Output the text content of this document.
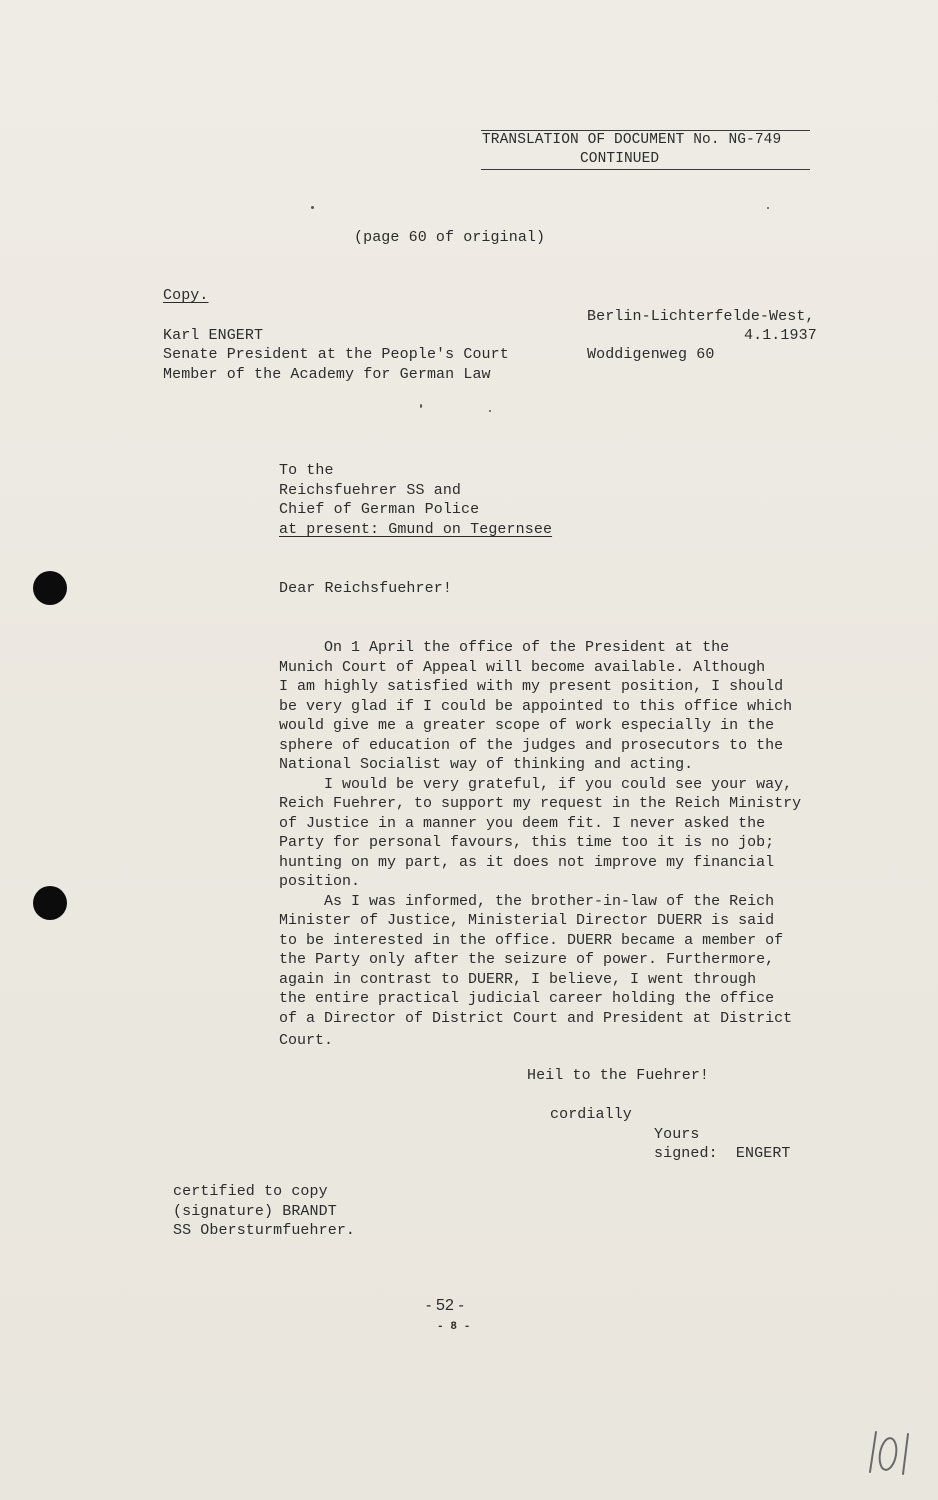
TRANSLATION OF DOCUMENT No. NG-749
CONTINUED
(page 60 of original)
Copy.
Berlin-Lichterfelde-West,
4.1.1937
Woddigenweg 60
Karl ENGERT
Senate President at the People's Court
Member of the Academy for German Law
To the
Reichsfuehrer SS and
Chief of German Police
at present: Gmund on Tegernsee
Dear Reichsfuehrer!
On 1 April the office of the President at the
Munich Court of Appeal will become available. Although
I am highly satisfied with my present position, I should
be very glad if I could be appointed to this office which
would give me a greater scope of work especially in the
sphere of education of the judges and prosecutors to the
National Socialist way of thinking and acting.
I would be very grateful, if you could see your way,
Reich Fuehrer, to support my request in the Reich Ministry
of Justice in a manner you deem fit. I never asked the
Party for personal favours, this time too it is no job;
hunting on my part, as it does not improve my financial
position.
As I was informed, the brother-in-law of the Reich
Minister of Justice, Ministerial Director DUERR is said
to be interested in the office. DUERR became a member of
the Party only after the seizure of power. Furthermore,
again in contrast to DUERR, I believe, I went through
the entire practical judicial career holding the office
of a Director of District Court and President at District
Court.
Heil to the Fuehrer!
cordially
Yours
signed:  ENGERT
certified to copy
(signature) BRANDT
SS Obersturmfuehrer.
- 52 -
- 8 -
